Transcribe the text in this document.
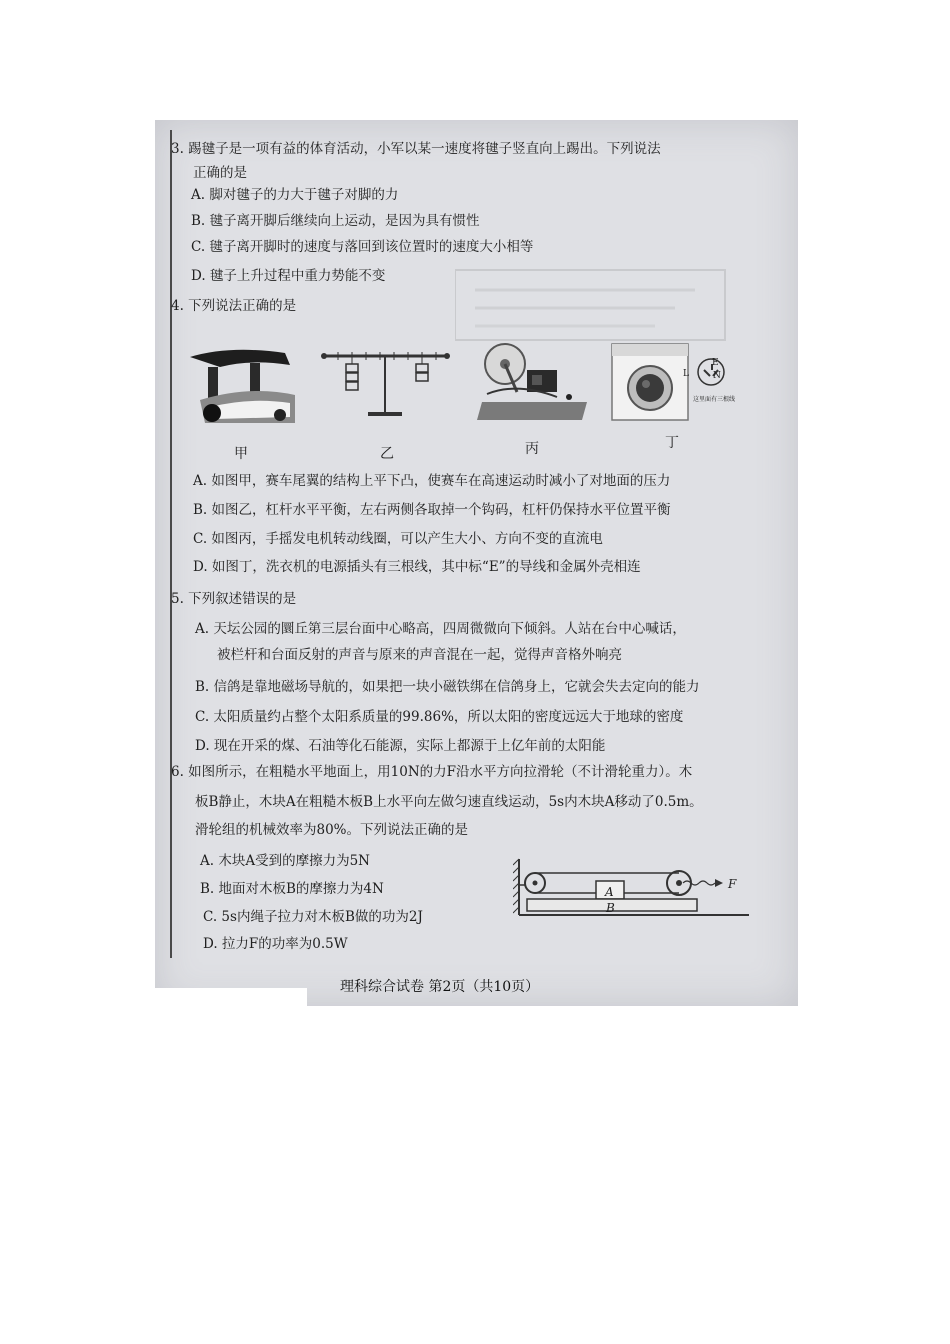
3. 踢毽子是一项有益的体育活动，小军以某一速度将毽子竖直向上踢出。下列说法
正确的是
A. 脚对毽子的力大于毽子对脚的力
B. 毽子离开脚后继续向上运动，是因为具有惯性
C. 毽子离开脚时的速度与落回到该位置时的速度大小相等
D. 毽子上升过程中重力势能不变
4. 下列说法正确的是
L
E
N
这里面有三根线
甲	乙	丙	丁
A. 如图甲，赛车尾翼的结构上平下凸，使赛车在高速运动时减小了对地面的压力
B. 如图乙，杠杆水平平衡，左右两侧各取掉一个钩码，杠杆仍保持水平位置平衡
C. 如图丙，手摇发电机转动线圈，可以产生大小、方向不变的直流电
D. 如图丁，洗衣机的电源插头有三根线，其中标“E”的导线和金属外壳相连
5. 下列叙述错误的是
A. 天坛公园的圜丘第三层台面中心略高，四周微微向下倾斜。人站在台中心喊话，
被栏杆和台面反射的声音与原来的声音混在一起，觉得声音格外响亮
B. 信鸽是靠地磁场导航的，如果把一块小磁铁绑在信鸽身上，它就会失去定向的能力
C. 太阳质量约占整个太阳系质量的99.86%，所以太阳的密度远远大于地球的密度
D. 现在开采的煤、石油等化石能源，实际上都源于上亿年前的太阳能
6. 如图所示，在粗糙水平地面上，用10N的力F沿水平方向拉滑轮（不计滑轮重力）。木
板B静止，木块A在粗糙木板B上水平向左做匀速直线运动，5s内木块A移动了0.5m。
滑轮组的机械效率为80%。下列说法正确的是
A. 木块A受到的摩擦力为5N
B. 地面对木板B的摩擦力为4N
C. 5s内绳子拉力对木板B做的功为2J
D. 拉力F的功率为0.5W
A
B
F
理科综合试卷 第2页（共10页）
